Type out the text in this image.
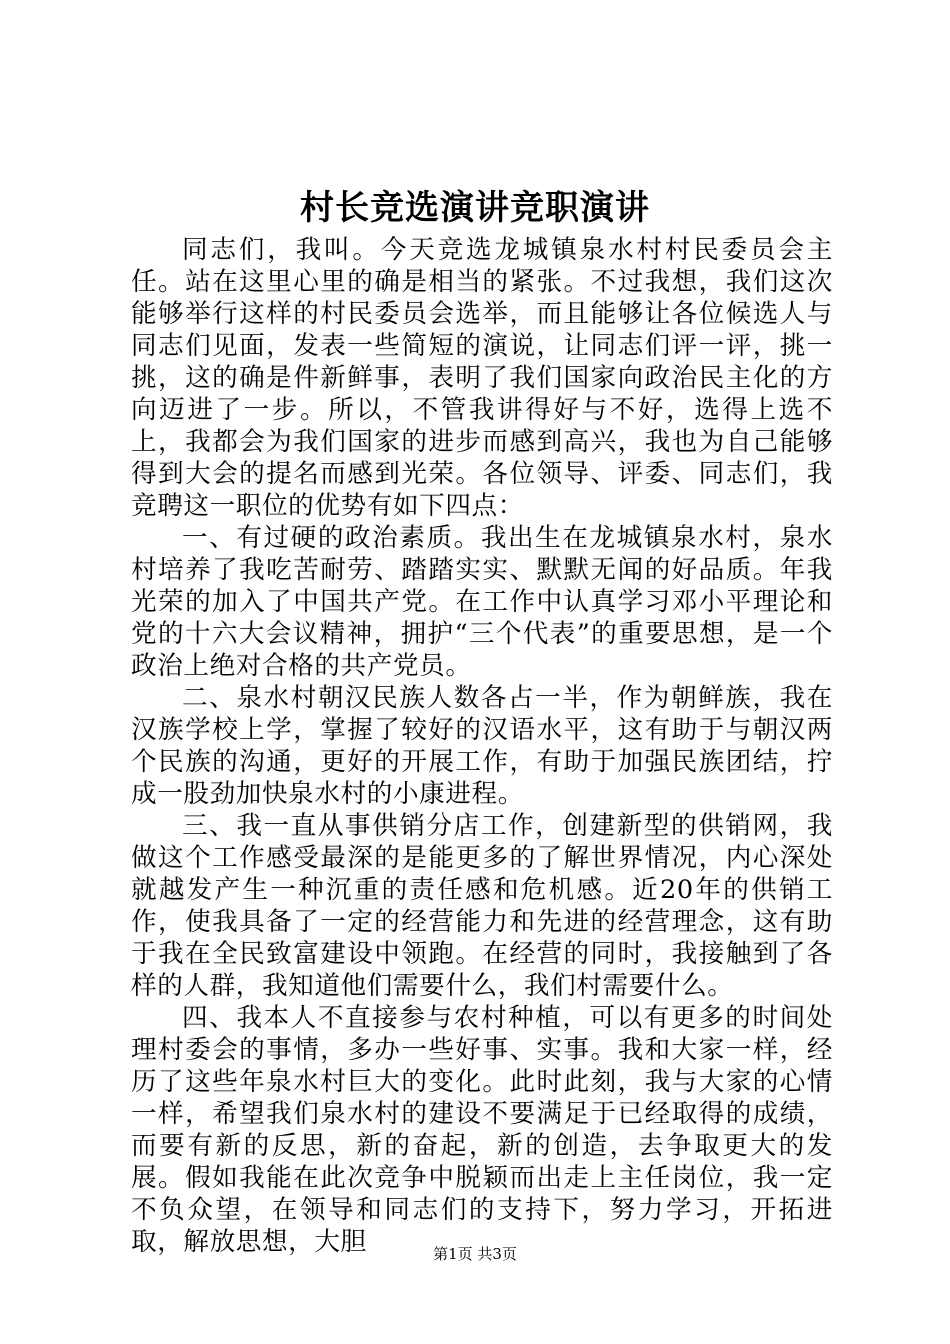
村长竞选演讲竞职演讲

同志们，我叫。今天竞选龙城镇泉水村村民委员会主任。站在这里心里的确是相当的紧张。不过我想，我们这次能够举行这样的村民委员会选举，而且能够让各位候选人与同志们见面，发表一些简短的演说，让同志们评一评，挑一挑，这的确是件新鲜事，表明了我们国家向政治民主化的方向迈进了一步。所以，不管我讲得好与不好，选得上选不上，我都会为我们国家的进步而感到高兴，我也为自己能够得到大会的提名而感到光荣。各位领导、评委、同志们，我竞聘这一职位的优势有如下四点：

一、有过硬的政治素质。我出生在龙城镇泉水村，泉水村培养了我吃苦耐劳、踏踏实实、默默无闻的好品质。年我光荣的加入了中国共产党。在工作中认真学习邓小平理论和党的十六大会议精神，拥护“三个代表”的重要思想，是一个政治上绝对合格的共产党员。

二、泉水村朝汉民族人数各占一半，作为朝鲜族，我在汉族学校上学，掌握了较好的汉语水平，这有助于与朝汉两个民族的沟通，更好的开展工作，有助于加强民族团结，拧成一股劲加快泉水村的小康进程。

三、我一直从事供销分店工作，创建新型的供销网，我做这个工作感受最深的是能更多的了解世界情况，内心深处就越发产生一种沉重的责任感和危机感。近20年的供销工作，使我具备了一定的经营能力和先进的经营理念，这有助于我在全民致富建设中领跑。在经营的同时，我接触到了各样的人群，我知道他们需要什么，我们村需要什么。

四、我本人不直接参与农村种植，可以有更多的时间处理村委会的事情，多办一些好事、实事。我和大家一样，经历了这些年泉水村巨大的变化。此时此刻，我与大家的心情一样，希望我们泉水村的建设不要满足于已经取得的成绩，而要有新的反思，新的奋起，新的创造，去争取更大的发展。假如我能在此次竞争中脱颖而出走上主任岗位，我一定不负众望，在领导和同志们的支持下，努力学习，开拓进取，解放思想，大胆	第1页 共3页
